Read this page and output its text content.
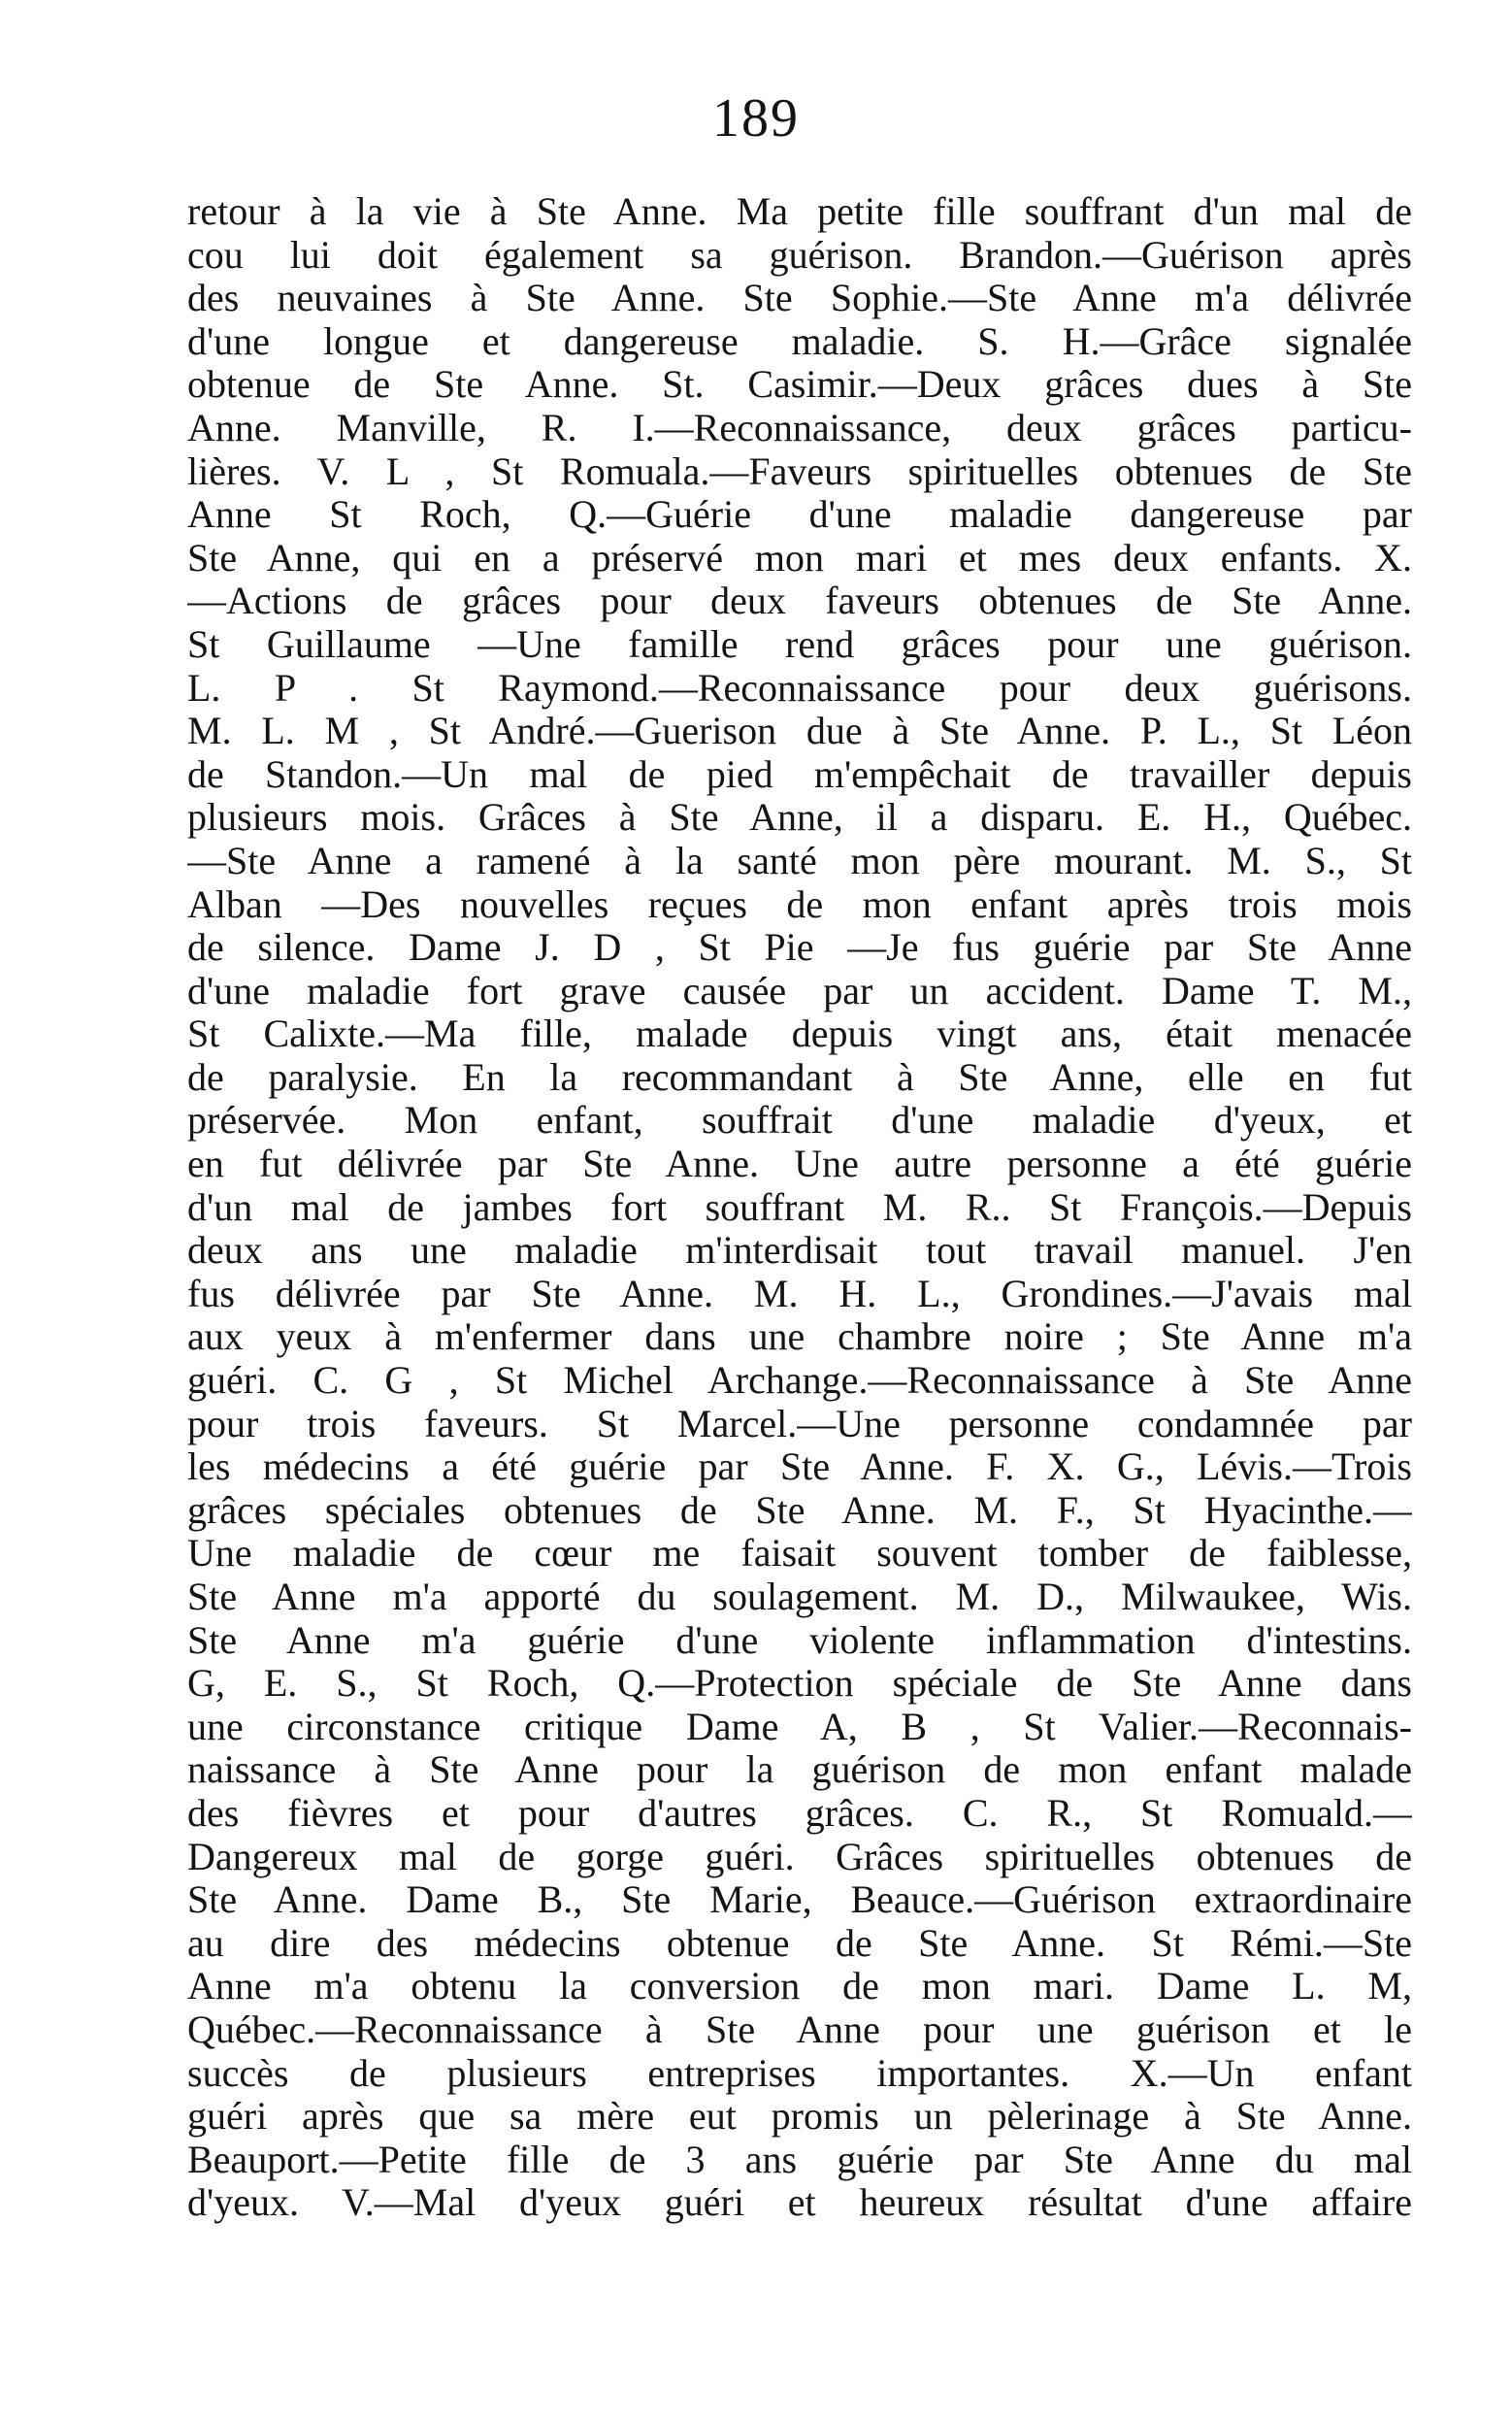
189
retour à la vie à Ste Anne. Ma petite fille souffrant d'un mal de
cou lui doit également sa guérison. Brandon.—Guérison après
des neuvaines à Ste Anne. Ste Sophie.—Ste Anne m'a délivrée
d'une longue et dangereuse maladie. S. H.—Grâce signalée
obtenue de Ste Anne. St. Casimir.—Deux grâces dues à Ste
Anne. Manville, R. I.—Reconnaissance, deux grâces particu-
lières. V. L , St Romuala.—Faveurs spirituelles obtenues de Ste
Anne St Roch, Q.—Guérie d'une maladie dangereuse par
Ste Anne, qui en a préservé mon mari et mes deux enfants. X.
—Actions de grâces pour deux faveurs obtenues de Ste Anne.
St Guillaume —Une famille rend grâces pour une guérison.
L. P . St Raymond.—Reconnaissance pour deux guérisons.
M. L. M , St André.—Guerison due à Ste Anne. P. L., St Léon
de Standon.—Un mal de pied m'empêchait de travailler depuis
plusieurs mois. Grâces à Ste Anne, il a disparu. E. H., Québec.
—Ste Anne a ramené à la santé mon père mourant. M. S., St
Alban —Des nouvelles reçues de mon enfant après trois mois
de silence. Dame J. D , St Pie —Je fus guérie par Ste Anne
d'une maladie fort grave causée par un accident. Dame T. M.,
St Calixte.—Ma fille, malade depuis vingt ans, était menacée
de paralysie. En la recommandant à Ste Anne, elle en fut
préservée. Mon enfant, souffrait d'une maladie d'yeux, et
en fut délivrée par Ste Anne. Une autre personne a été guérie
d'un mal de jambes fort souffrant M. R.. St François.—Depuis
deux ans une maladie m'interdisait tout travail manuel. J'en
fus délivrée par Ste Anne. M. H. L., Grondines.—J'avais mal
aux yeux à m'enfermer dans une chambre noire ; Ste Anne m'a
guéri. C. G , St Michel Archange.—Reconnaissance à Ste Anne
pour trois faveurs. St Marcel.—Une personne condamnée par
les médecins a été guérie par Ste Anne. F. X. G., Lévis.—Trois
grâces spéciales obtenues de Ste Anne. M. F., St Hyacinthe.—
Une maladie de cœur me faisait souvent tomber de faiblesse,
Ste Anne m'a apporté du soulagement. M. D., Milwaukee, Wis.
Ste Anne m'a guérie d'une violente inflammation d'intestins.
G, E. S., St Roch, Q.—Protection spéciale de Ste Anne dans
une circonstance critique Dame A, B , St Valier.—Reconnais-
naissance à Ste Anne pour la guérison de mon enfant malade
des fièvres et pour d'autres grâces. C. R., St Romuald.—
Dangereux mal de gorge guéri. Grâces spirituelles obtenues de
Ste Anne. Dame B., Ste Marie, Beauce.—Guérison extraordinaire
au dire des médecins obtenue de Ste Anne. St Rémi.—Ste
Anne m'a obtenu la conversion de mon mari. Dame L. M,
Québec.—Reconnaissance à Ste Anne pour une guérison et le
succès de plusieurs entreprises importantes. X.—Un enfant
guéri après que sa mère eut promis un pèlerinage à Ste Anne.
Beauport.—Petite fille de 3 ans guérie par Ste Anne du mal
d'yeux. V.—Mal d'yeux guéri et heureux résultat d'une affaire
